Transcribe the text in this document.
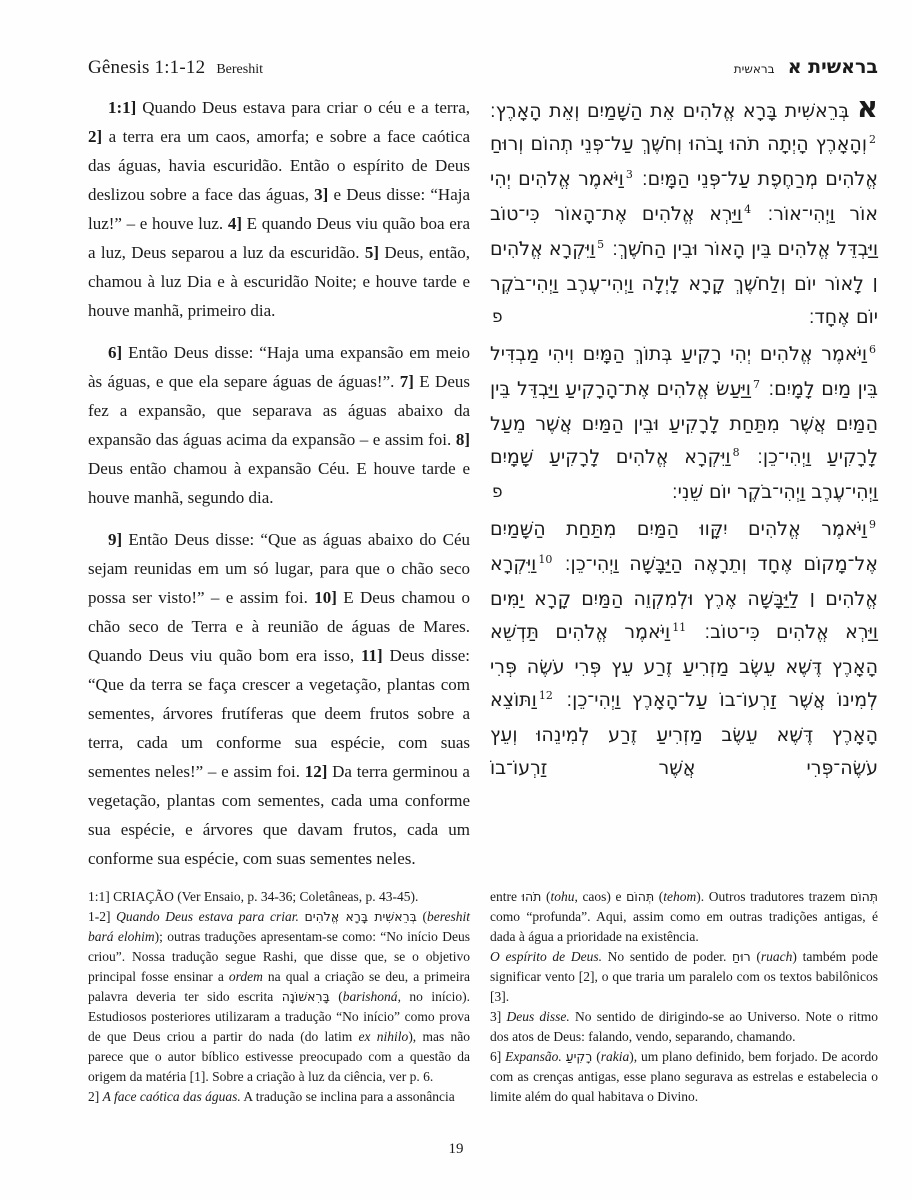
Gênesis 1:1-12 Bereshit	בראשית א בראשית

1:1] Quando Deus estava para criar o céu e a terra, 2] a terra era um caos, amorfa; e sobre a face caótica das águas, havia escuridão. Então o espírito de Deus deslizou sobre a face das águas, 3] e Deus disse: “Haja luz!” – e houve luz. 4] E quando Deus viu quão boa era a luz, Deus separou a luz da escuridão. 5] Deus, então, chamou à luz Dia e à escuridão Noite; e houve tarde e houve manhã, primeiro dia.

6] Então Deus disse: “Haja uma expansão em meio às águas, e que ela separe águas de águas!”. 7] E Deus fez a expansão, que separava as águas abaixo da expansão das águas acima da expansão – e assim foi. 8] Deus então chamou à expansão Céu. E houve tarde e houve manhã, segundo dia.

9] Então Deus disse: “Que as águas abaixo do Céu sejam reunidas em um só lugar, para que o chão seco possa ser visto!” – e assim foi. 10] E Deus chamou o chão seco de Terra e à reunião de águas de Mares. Quando Deus viu quão bom era isso, 11] Deus disse: “Que da terra se faça crescer a vegetação, plantas com sementes, árvores frutíferas que deem frutos sobre a terra, cada um conforme sua espécie, com suas sementes neles!” – e assim foi. 12] Da terra germinou a vegetação, plantas com sementes, cada uma conforme sua espécie, e árvores que davam frutos, cada um conforme sua espécie, com suas sementes neles.

א בְּרֵאשִׁית בָּרָא אֱלֹהִים אֵת הַשָּׁמַיִם וְאֵת הָאָרֶץ׃ $^2$וְהָאָרֶץ הָיְתָה תֹהוּ וָבֹהוּ וְחֹשֶׁךְ עַל־פְּנֵי תְהוֹם וְרוּחַ אֱלֹהִים מְרַחֶפֶת עַל־פְּנֵי הַמָּיִם׃ $^3$וַיֹּאמֶר אֱלֹהִים יְהִי אוֹר וַיְהִי־אוֹר׃ $^4$וַיַּרְא אֱלֹהִים אֶת־הָאוֹר כִּי־טוֹב וַיַּבְדֵּל אֱלֹהִים בֵּין הָאוֹר וּבֵין הַחֹשֶׁךְ׃ $^5$וַיִּקְרָא אֱלֹהִים ׀ לָאוֹר יוֹם וְלַחֹשֶׁךְ קָרָא לָיְלָה וַיְהִי־עֶרֶב וַיְהִי־בֹקֶר יוֹם אֶחָד׃
פ

$^6$וַיֹּאמֶר אֱלֹהִים יְהִי רָקִיעַ בְּתוֹךְ הַמָּיִם וִיהִי מַבְדִּיל בֵּין מַיִם לָמָיִם׃ $^7$וַיַּעַשׂ אֱלֹהִים אֶת־הָרָקִיעַ וַיַּבְדֵּל בֵּין הַמַּיִם אֲשֶׁר מִתַּחַת לָרָקִיעַ וּבֵין הַמַּיִם אֲשֶׁר מֵעַל לָרָקִיעַ וַיְהִי־כֵן׃ $^8$וַיִּקְרָא אֱלֹהִים לָרָקִיעַ שָׁמָיִם וַיְהִי־עֶרֶב וַיְהִי־בֹקֶר יוֹם שֵׁנִי׃
פ

$^9$וַיֹּאמֶר אֱלֹהִים יִקָּווּ הַמַּיִם מִתַּחַת הַשָּׁמַיִם אֶל־מָקוֹם אֶחָד וְתֵרָאֶה הַיַּבָּשָׁה וַיְהִי־כֵן׃ $^{10}$וַיִּקְרָא אֱלֹהִים ׀ לַיַּבָּשָׁה אֶרֶץ וּלְמִקְוֵה הַמַּיִם קָרָא יַמִּים וַיַּרְא אֱלֹהִים כִּי־טוֹב׃ $^{11}$וַיֹּאמֶר אֱלֹהִים תַּדְשֵׁא הָאָרֶץ דֶּשֶׁא עֵשֶׂב מַזְרִיעַ זֶרַע עֵץ פְּרִי עֹשֶׂה פְּרִי לְמִינוֹ אֲשֶׁר זַרְעוֹ־בוֹ עַל־הָאָרֶץ וַיְהִי־כֵן׃ $^{12}$וַתּוֹצֵא הָאָרֶץ דֶּשֶׁא עֵשֶׂב מַזְרִיעַ זֶרַע לְמִינֵהוּ וְעֵץ עֹשֶׂה־פְּרִי אֲשֶׁר זַרְעוֹ־בוֹ

1:1] CRIAÇÃO (Ver Ensaio, p. 34-36; Coletâneas, p. 43-45).

1-2] Quando Deus estava para criar. בְּרֵאשִׁית בָּרָא אֱלֹהִים (bereshit bará elohim); outras traduções apresentam-se como: “No início Deus criou”. Nossa tradução segue Rashi, que disse que, se o objetivo principal fosse ensinar a ordem na qual a criação se deu, a primeira palavra deveria ter sido escrita בָּרִאשׁוֹנָה (barishoná, no início). Estudiosos posteriores utilizaram a tradução “No início” como prova de que Deus criou a partir do nada (do latim ex nihilo), mas não parece que o autor bíblico estivesse preocupado com a questão da origem da matéria [1]. Sobre a criação à luz da ciência, ver p. 6.

2] A face caótica das águas. A tradução se inclina para a assonância

entre תֹהוּ (tohu, caos) e תְּהוֹם (tehom). Outros tradutores trazem תְּהוֹם como “profunda”. Aqui, assim como em outras tradições antigas, é dada à água a prioridade na existência.

O espírito de Deus. No sentido de poder. רוּחַ (ruach) também pode significar vento [2], o que traria um paralelo com os textos babilônicos [3].

3] Deus disse. No sentido de dirigindo-se ao Universo. Note o ritmo dos atos de Deus: falando, vendo, separando, chamando.

6] Expansão. רָקִיעַ (rakia), um plano definido, bem forjado. De acordo com as crenças antigas, esse plano segurava as estrelas e estabelecia o limite além do qual habitava o Divino.

19
